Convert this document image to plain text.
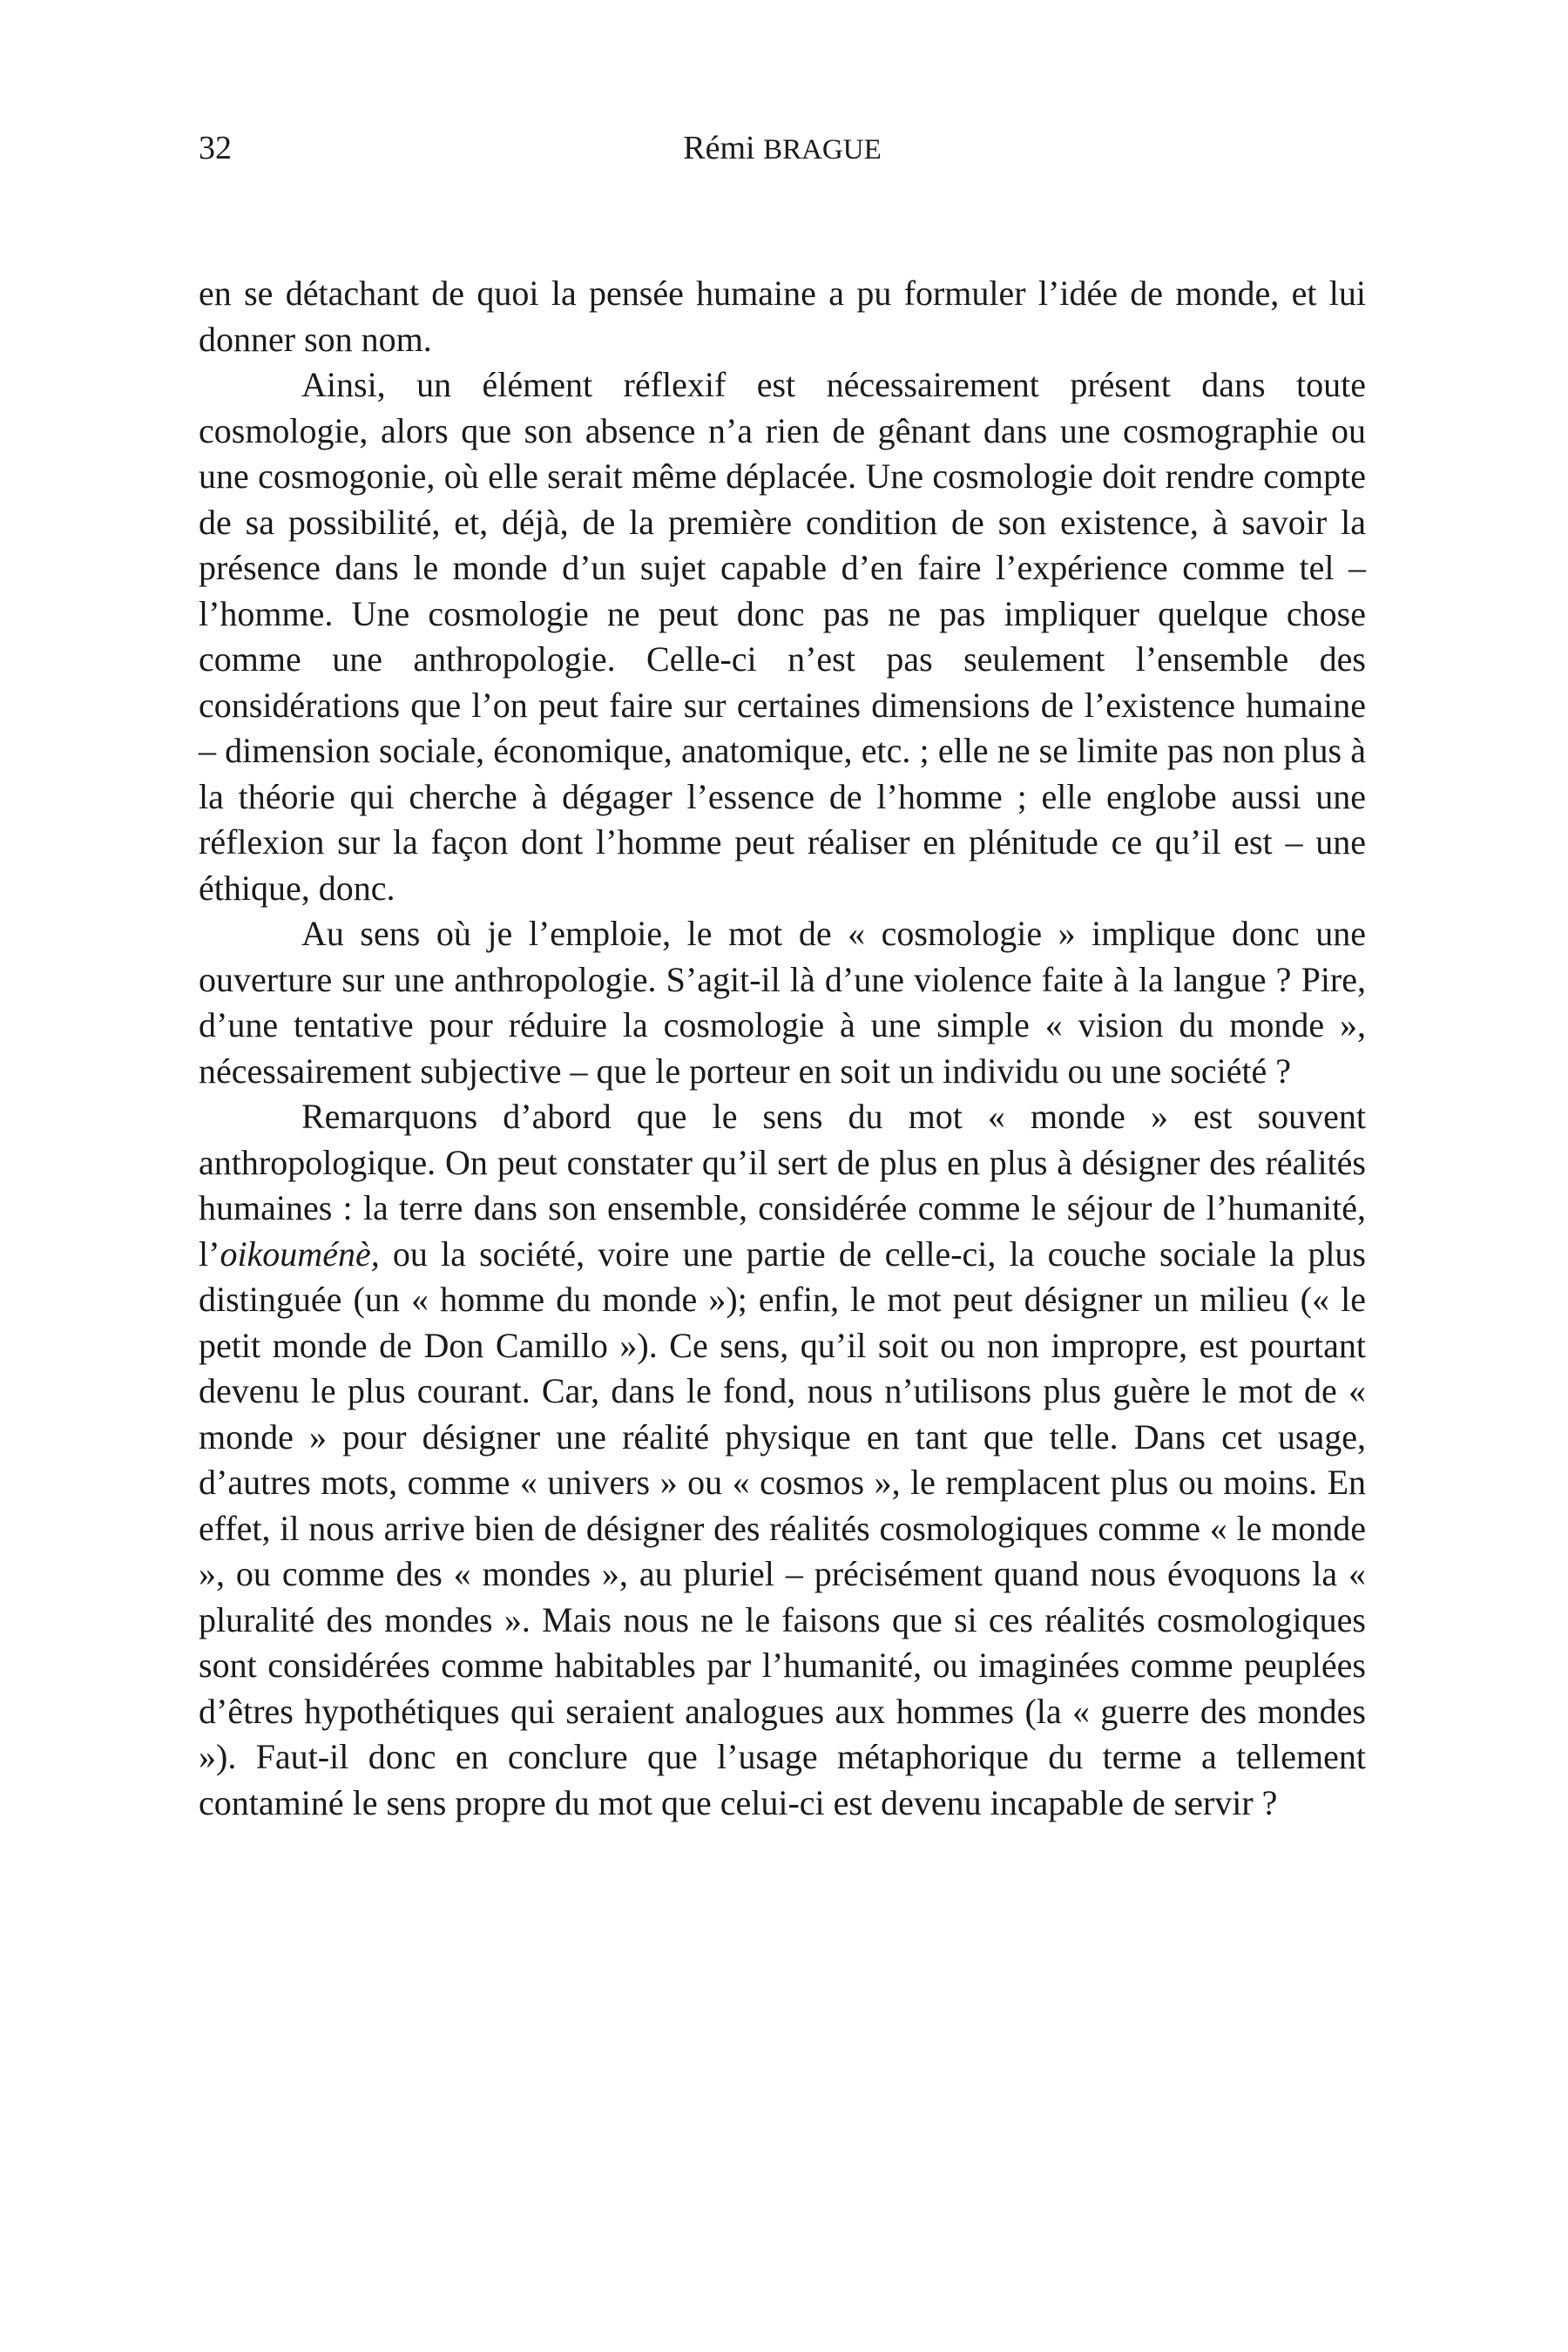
32	Rémi BRAGUE

en se détachant de quoi la pensée humaine a pu formuler l’idée de monde, et lui donner son nom.

Ainsi, un élément réflexif est nécessairement présent dans toute cosmologie, alors que son absence n’a rien de gênant dans une cosmographie ou une cosmogonie, où elle serait même déplacée. Une cosmologie doit rendre compte de sa possibilité, et, déjà, de la première condition de son existence, à savoir la présence dans le monde d’un sujet capable d’en faire l’expérience comme tel – l’homme. Une cosmologie ne peut donc pas ne pas impliquer quelque chose comme une anthropologie. Celle-ci n’est pas seulement l’ensemble des considérations que l’on peut faire sur certaines dimensions de l’existence humaine – dimension sociale, économique, anatomique, etc. ; elle ne se limite pas non plus à la théorie qui cherche à dégager l’essence de l’homme ; elle englobe aussi une réflexion sur la façon dont l’homme peut réaliser en plénitude ce qu’il est – une éthique, donc.

Au sens où je l’emploie, le mot de « cosmologie » implique donc une ouverture sur une anthropologie. S’agit-il là d’une violence faite à la langue ? Pire, d’une tentative pour réduire la cosmologie à une simple « vision du monde », nécessairement subjective – que le porteur en soit un individu ou une société ?

Remarquons d’abord que le sens du mot « monde » est souvent anthropologique. On peut constater qu’il sert de plus en plus à désigner des réalités humaines : la terre dans son ensemble, considérée comme le séjour de l’humanité, l’oikouménè, ou la société, voire une partie de celle-ci, la couche sociale la plus distinguée (un « homme du monde »); enfin, le mot peut désigner un milieu (« le petit monde de Don Camillo »). Ce sens, qu’il soit ou non impropre, est pourtant devenu le plus courant. Car, dans le fond, nous n’utilisons plus guère le mot de « monde » pour désigner une réalité physique en tant que telle. Dans cet usage, d’autres mots, comme « univers » ou « cosmos », le remplacent plus ou moins. En effet, il nous arrive bien de désigner des réalités cosmologiques comme « le monde », ou comme des « mondes », au pluriel – précisément quand nous évoquons la « pluralité des mondes ». Mais nous ne le faisons que si ces réalités cosmologiques sont considérées comme habitables par l’humanité, ou imaginées comme peuplées d’êtres hypothétiques qui seraient analogues aux hommes (la « guerre des mondes »). Faut-il donc en conclure que l’usage métaphorique du terme a tellement contaminé le sens propre du mot que celui-ci est devenu incapable de servir ?
